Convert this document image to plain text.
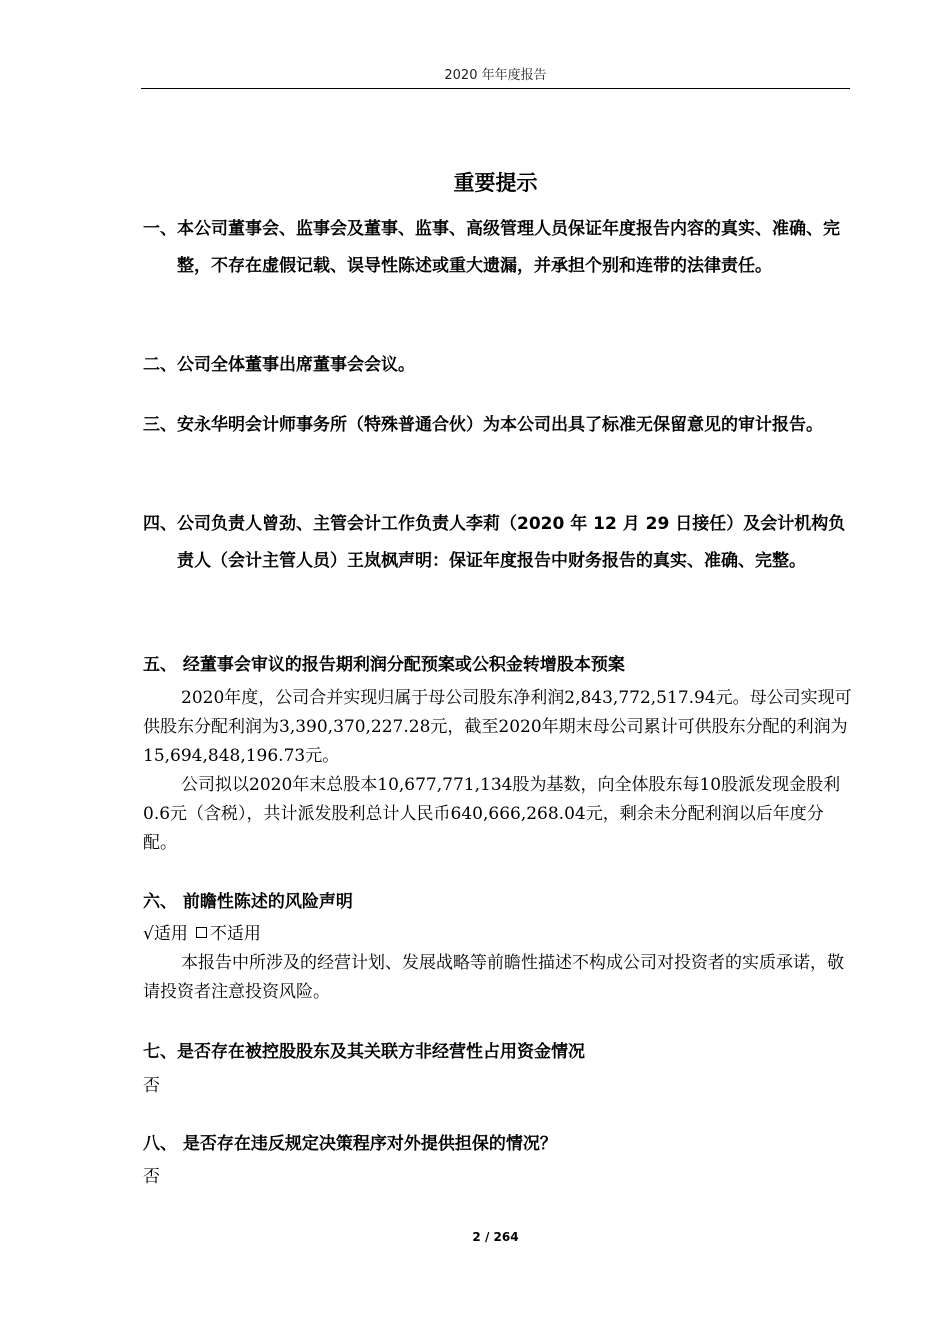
2020 年年度报告
重要提示
一、 本公司董事会、监事会及董事、监事、高级管理人员保证年度报告内容的真实、准确、完整，不存在虚假记载、误导性陈述或重大遗漏，并承担个别和连带的法律责任。
二、 公司全体董事出席董事会会议。
三、 安永华明会计师事务所（特殊普通合伙）为本公司出具了标准无保留意见的审计报告。
四、 公司负责人曾劲、主管会计工作负责人李莉（2020 年 12 月 29 日接任）及会计机构负责人（会计主管人员）王岚枫声明：保证年度报告中财务报告的真实、准确、完整。
五、 经董事会审议的报告期利润分配预案或公积金转增股本预案

2020年度，公司合并实现归属于母公司股东净利润2,843,772,517.94元。母公司实现可供股东分配利润为3,390,370,227.28元，截至2020年期末母公司累计可供股东分配的利润为15,694,848,196.73元。

公司拟以2020年末总股本10,677,771,134股为基数，向全体股东每10股派发现金股利0.6元（含税），共计派发股利总计人民币640,666,268.04元，剩余未分配利润以后年度分配。

六、 前瞻性陈述的风险声明
√适用 不适用

本报告中所涉及的经营计划、发展战略等前瞻性描述不构成公司对投资者的实质承诺，敬请投资者注意投资风险。

七、是否存在被控股股东及其关联方非经营性占用资金情况
否
八、 是否存在违反规定决策程序对外提供担保的情况？
否
2 / 264
